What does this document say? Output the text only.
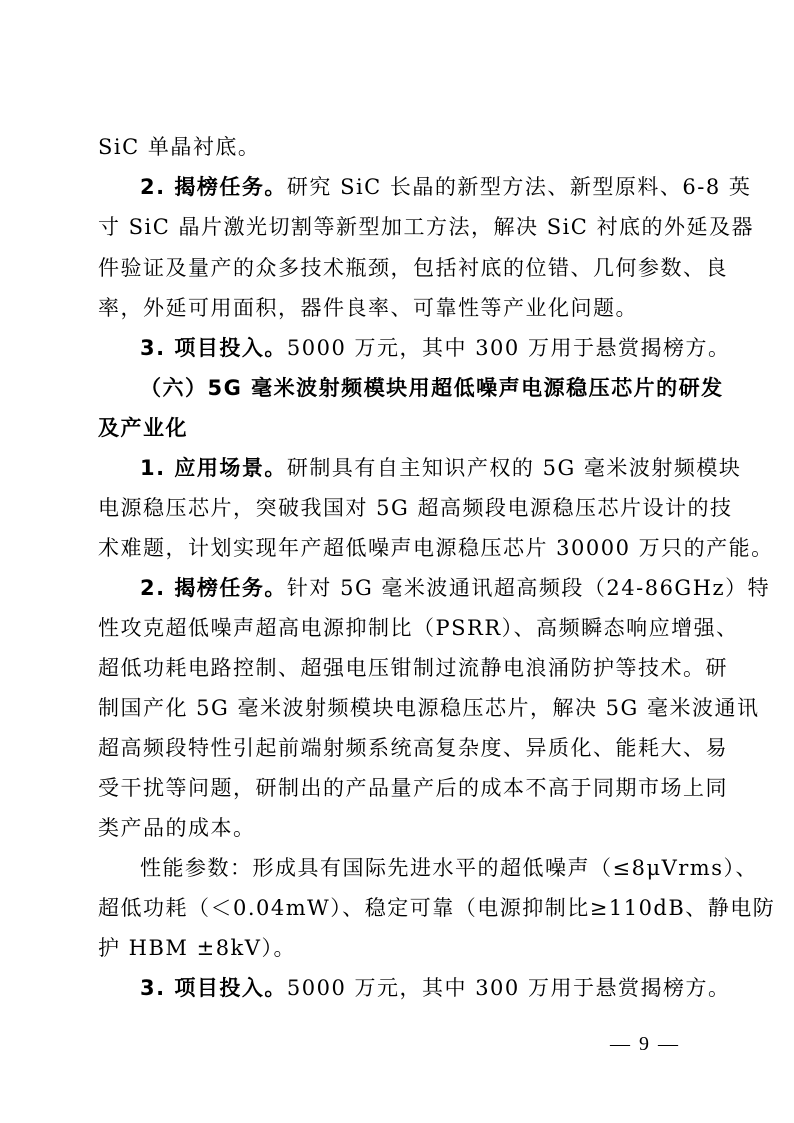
SiC 单晶衬底。
2. 揭榜任务。研究 SiC 长晶的新型方法、新型原料、6-8 英
寸 SiC 晶片激光切割等新型加工方法，解决 SiC 衬底的外延及器
件验证及量产的众多技术瓶颈，包括衬底的位错、几何参数、良
率，外延可用面积，器件良率、可靠性等产业化问题。
3. 项目投入。5000 万元，其中 300 万用于悬赏揭榜方。
（六）5G 毫米波射频模块用超低噪声电源稳压芯片的研发
及产业化
1. 应用场景。研制具有自主知识产权的 5G 毫米波射频模块
电源稳压芯片，突破我国对 5G 超高频段电源稳压芯片设计的技
术难题，计划实现年产超低噪声电源稳压芯片 30000 万只的产能。
2. 揭榜任务。针对 5G 毫米波通讯超高频段（24-86GHz）特
性攻克超低噪声超高电源抑制比（PSRR）、高频瞬态响应增强、
超低功耗电路控制、超强电压钳制过流静电浪涌防护等技术。研
制国产化 5G 毫米波射频模块电源稳压芯片，解决 5G 毫米波通讯
超高频段特性引起前端射频系统高复杂度、异质化、能耗大、易
受干扰等问题，研制出的产品量产后的成本不高于同期市场上同
类产品的成本。
性能参数：形成具有国际先进水平的超低噪声（≤8μVrms）、
超低功耗（＜0.04mW）、稳定可靠（电源抑制比≥110dB、静电防
护 HBM ±8kV）。
3. 项目投入。5000 万元，其中 300 万用于悬赏揭榜方。
— 9 —
